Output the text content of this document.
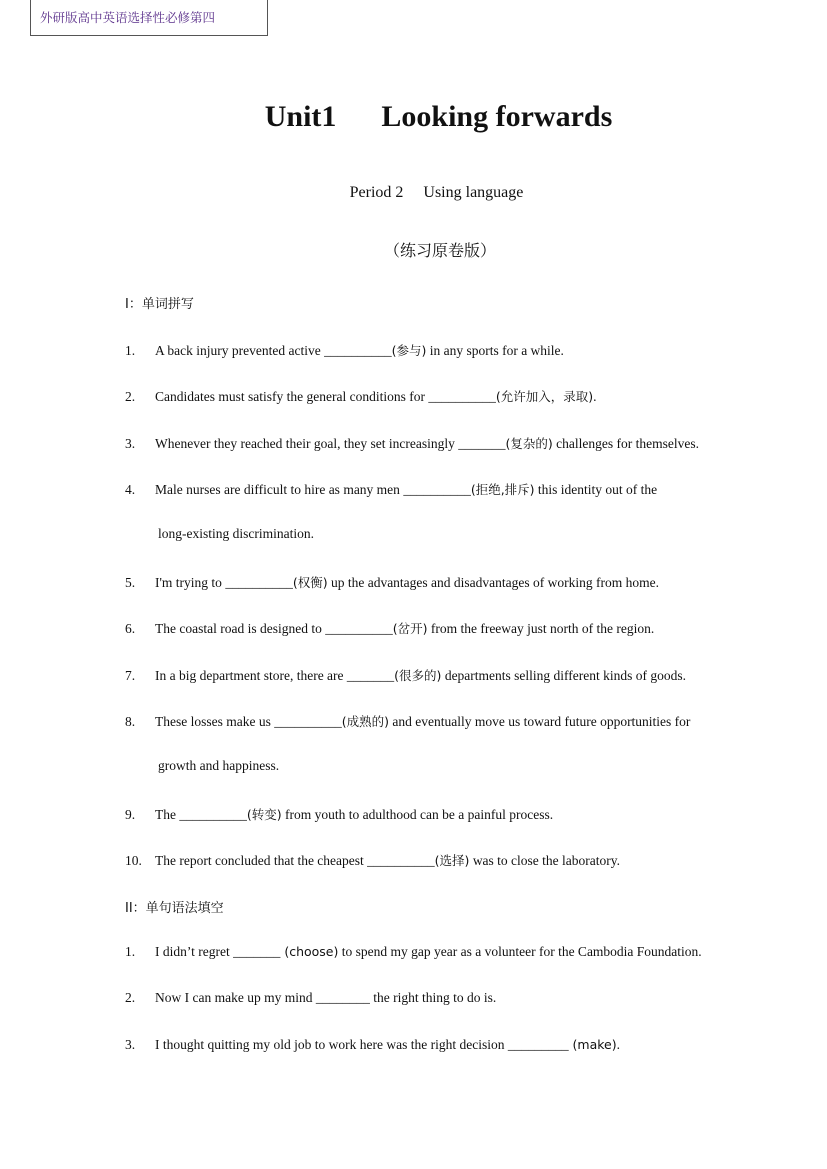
外研版高中英语选择性必修第四
Unit1      Looking forwards
Period 2     Using language
（练习原卷版）
I：单词拼写
1. A back injury prevented active __________(参与) in any sports for a while.
2. Candidates must satisfy the general conditions for __________(允许加入，录取).
3. Whenever they reached their goal, they set increasingly _______(复杂的) challenges for themselves.
4. Male nurses are difficult to hire as many men __________(拒绝,排斥) this identity out of the
long-existing discrimination.
5. I'm trying to __________(权衡) up the advantages and disadvantages of working from home.
6. The coastal road is designed to __________(岔开) from the freeway just north of the region.
7. In a big department store, there are _______(很多的) departments selling different kinds of goods.
8. These losses make us __________(成熟的) and eventually move us toward future opportunities for
growth and happiness.
9. The __________(转变) from youth to adulthood can be a painful process.
10. The report concluded that the cheapest __________(选择) was to close the laboratory.
II：单句语法填空
1. I didn’t regret _______ (choose) to spend my gap year as a volunteer for the Cambodia Foundation.
2. Now I can make up my mind ________ the right thing to do is.
3. I thought quitting my old job to work here was the right decision _________ (make).
